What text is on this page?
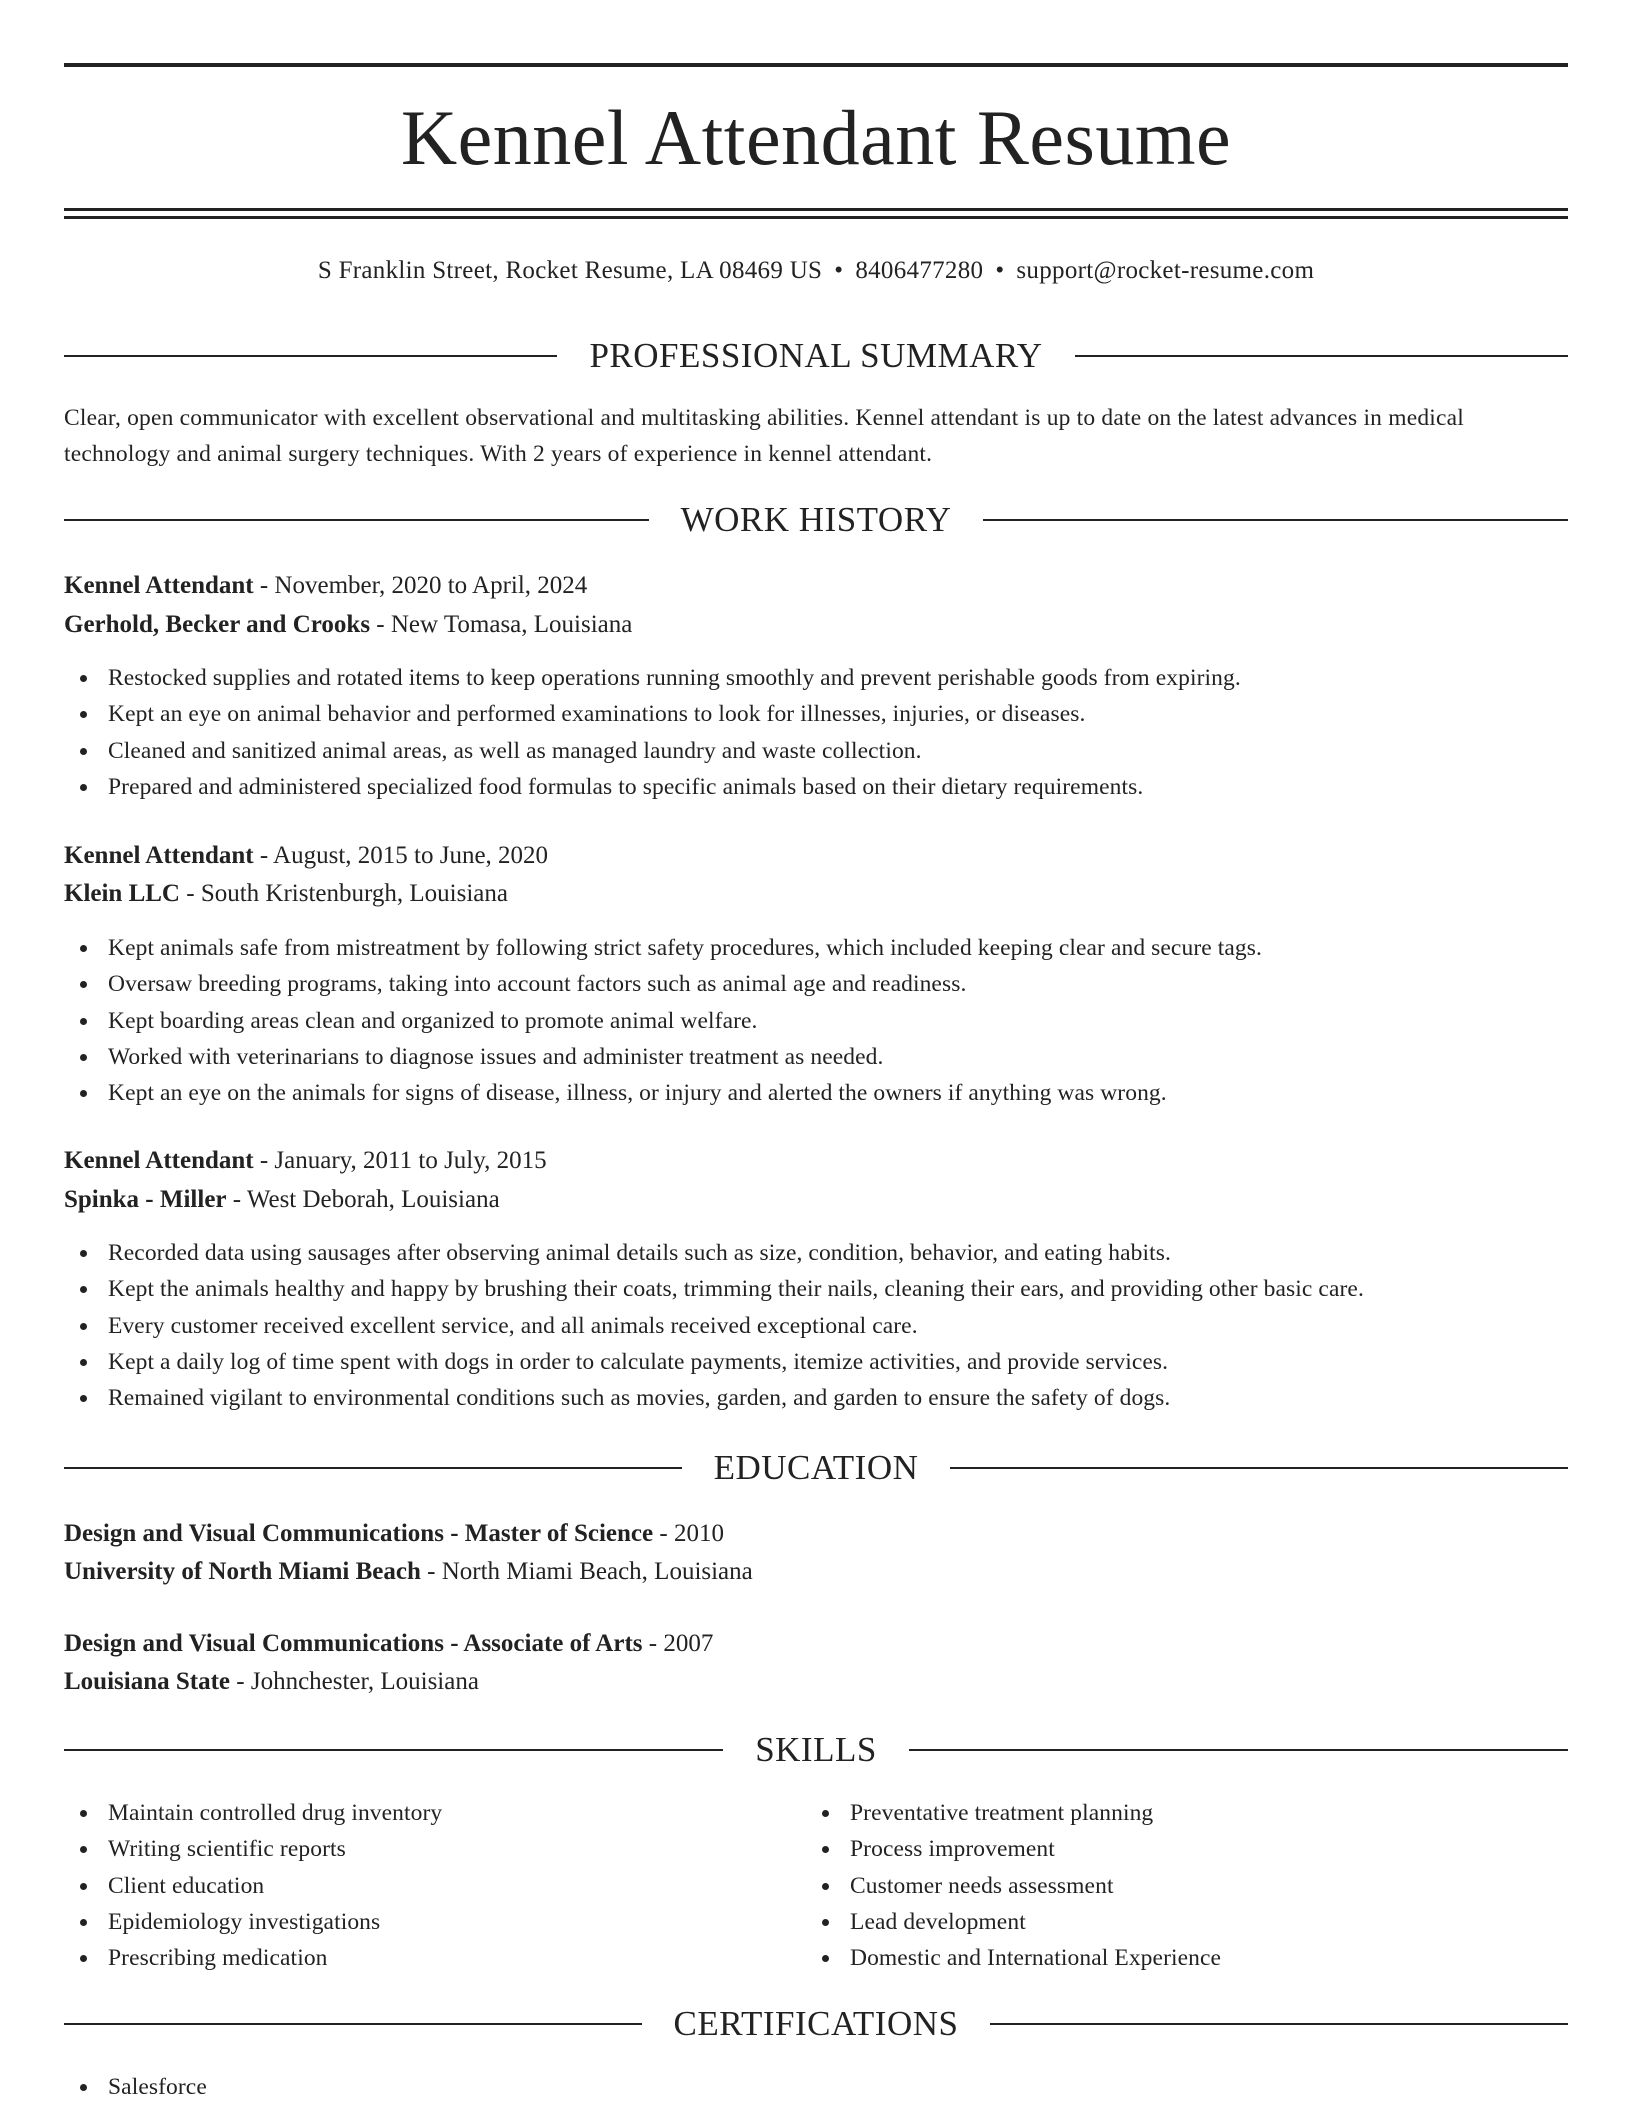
Kennel Attendant Resume
S Franklin Street, Rocket Resume, LA 08469 US • 8406477280 • support@rocket-resume.com
PROFESSIONAL SUMMARY
Clear, open communicator with excellent observational and multitasking abilities. Kennel attendant is up to date on the latest advances in medical technology and animal surgery techniques. With 2 years of experience in kennel attendant.
WORK HISTORY
Kennel Attendant - November, 2020 to April, 2024
Gerhold, Becker and Crooks - New Tomasa, Louisiana
Restocked supplies and rotated items to keep operations running smoothly and prevent perishable goods from expiring.
Kept an eye on animal behavior and performed examinations to look for illnesses, injuries, or diseases.
Cleaned and sanitized animal areas, as well as managed laundry and waste collection.
Prepared and administered specialized food formulas to specific animals based on their dietary requirements.
Kennel Attendant - August, 2015 to June, 2020
Klein LLC - South Kristenburgh, Louisiana
Kept animals safe from mistreatment by following strict safety procedures, which included keeping clear and secure tags.
Oversaw breeding programs, taking into account factors such as animal age and readiness.
Kept boarding areas clean and organized to promote animal welfare.
Worked with veterinarians to diagnose issues and administer treatment as needed.
Kept an eye on the animals for signs of disease, illness, or injury and alerted the owners if anything was wrong.
Kennel Attendant - January, 2011 to July, 2015
Spinka - Miller - West Deborah, Louisiana
Recorded data using sausages after observing animal details such as size, condition, behavior, and eating habits.
Kept the animals healthy and happy by brushing their coats, trimming their nails, cleaning their ears, and providing other basic care.
Every customer received excellent service, and all animals received exceptional care.
Kept a daily log of time spent with dogs in order to calculate payments, itemize activities, and provide services.
Remained vigilant to environmental conditions such as movies, garden, and garden to ensure the safety of dogs.
EDUCATION
Design and Visual Communications - Master of Science - 2010
University of North Miami Beach - North Miami Beach, Louisiana
Design and Visual Communications - Associate of Arts - 2007
Louisiana State - Johnchester, Louisiana
SKILLS
Maintain controlled drug inventory
Writing scientific reports
Client education
Epidemiology investigations
Prescribing medication
Preventative treatment planning
Process improvement
Customer needs assessment
Lead development
Domestic and International Experience
CERTIFICATIONS
Salesforce
